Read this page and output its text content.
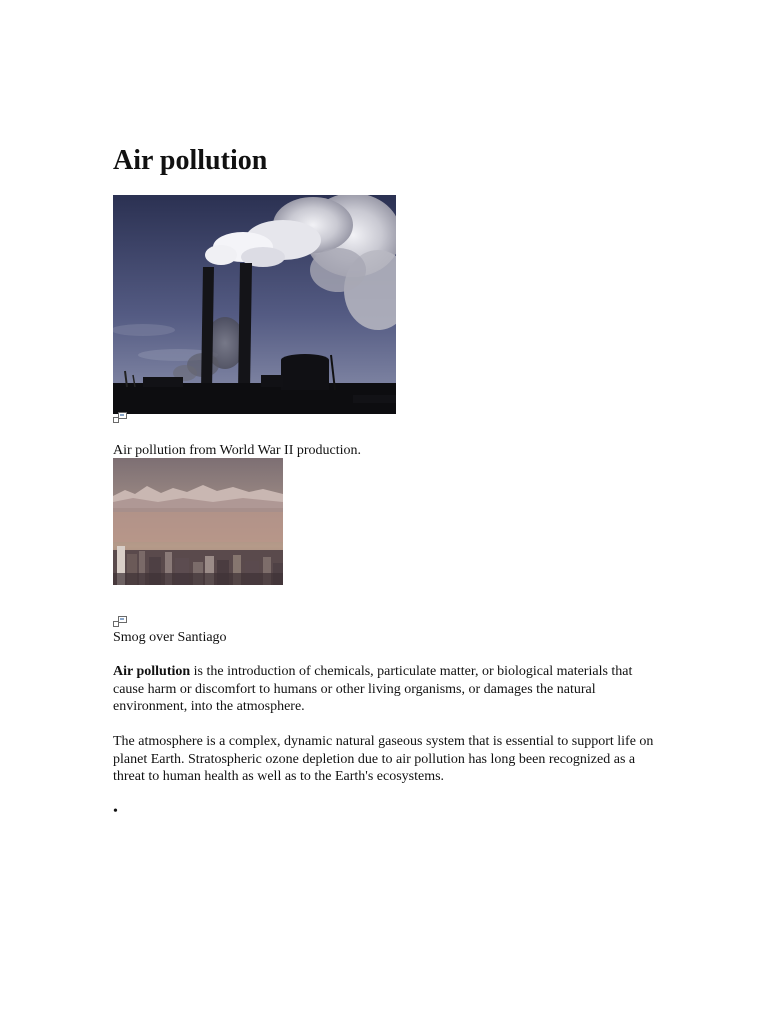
Air pollution
Air pollution from World War II production.
Smog over Santiago

Air pollution is the introduction of chemicals, particulate matter, or biological materials that cause harm or discomfort to humans or other living organisms, or damages the natural environment, into the atmosphere.

The atmosphere is a complex, dynamic natural gaseous system that is essential to support life on planet Earth. Stratospheric ozone depletion due to air pollution has long been recognized as a threat to human health as well as to the Earth's ecosystems.

•
